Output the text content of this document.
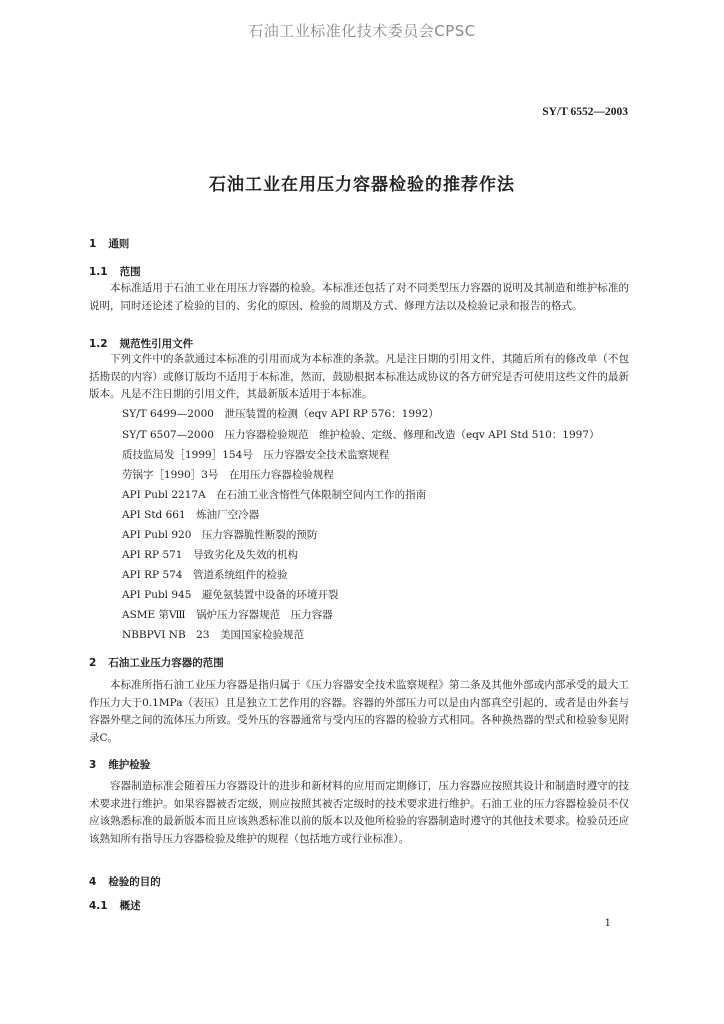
石油工业标准化技术委员会CPSC
SY/T 6552—2003
石油工业在用压力容器检验的推荐作法
1 通则
1.1 范围
本标准适用于石油工业在用压力容器的检验。本标准还包括了对不同类型压力容器的说明及其制造和维护标准的说明，同时还论述了检验的目的、劣化的原因、检验的周期及方式、修理方法以及检验记录和报告的格式。
1.2 规范性引用文件
下列文件中的条款通过本标准的引用而成为本标准的条款。凡是注日期的引用文件，其随后所有的修改单（不包括勘误的内容）或修订版均不适用于本标准，然而，鼓励根据本标准达成协议的各方研究是否可使用这些文件的最新版本。凡是不注日期的引用文件，其最新版本适用于本标准。
SY/T 6499—2000　泄压装置的检测（eqv API RP 576：1992）
SY/T 6507—2000　压力容器检验规范　维护检验、定级、修理和改造（eqv API Std 510：1997）
质技监局发［1999］154号　压力容器安全技术监察规程
劳锅字［1990］3号　在用压力容器检验规程
API Publ 2217A　在石油工业含惰性气体限制空间内工作的指南
API Std 661　炼油厂空冷器
API Publ 920　压力容器脆性断裂的预防
API RP 571　导致劣化及失效的机构
API RP 574　管道系统组件的检验
API Publ 945　避免氨装置中设备的环境开裂
ASME 第Ⅷ　锅炉压力容器规范　压力容器
NBBPVI NB　23　美国国家检验规范
2 石油工业压力容器的范围
本标准所指石油工业压力容器是指归属于《压力容器安全技术监察规程》第二条及其他外部或内部承受的最大工作压力大于0.1MPa（表压）且是独立工艺作用的容器。容器的外部压力可以是由内部真空引起的，或者是由外套与容器外壁之间的流体压力所致。受外压的容器通常与受内压的容器的检验方式相同。各种换热器的型式和检验参见附录C。
3 维护检验
容器制造标准会随着压力容器设计的进步和新材料的应用而定期修订，压力容器应按照其设计和制造时遵守的技术要求进行维护。如果容器被否定级，则应按照其被否定级时的技术要求进行维护。石油工业的压力容器检验员不仅应该熟悉标准的最新版本而且应该熟悉标准以前的版本以及他所检验的容器制造时遵守的其他技术要求。检验员还应该熟知所有指导压力容器检验及维护的规程（包括地方或行业标准）。
4 检验的目的
4.1 概述
1
